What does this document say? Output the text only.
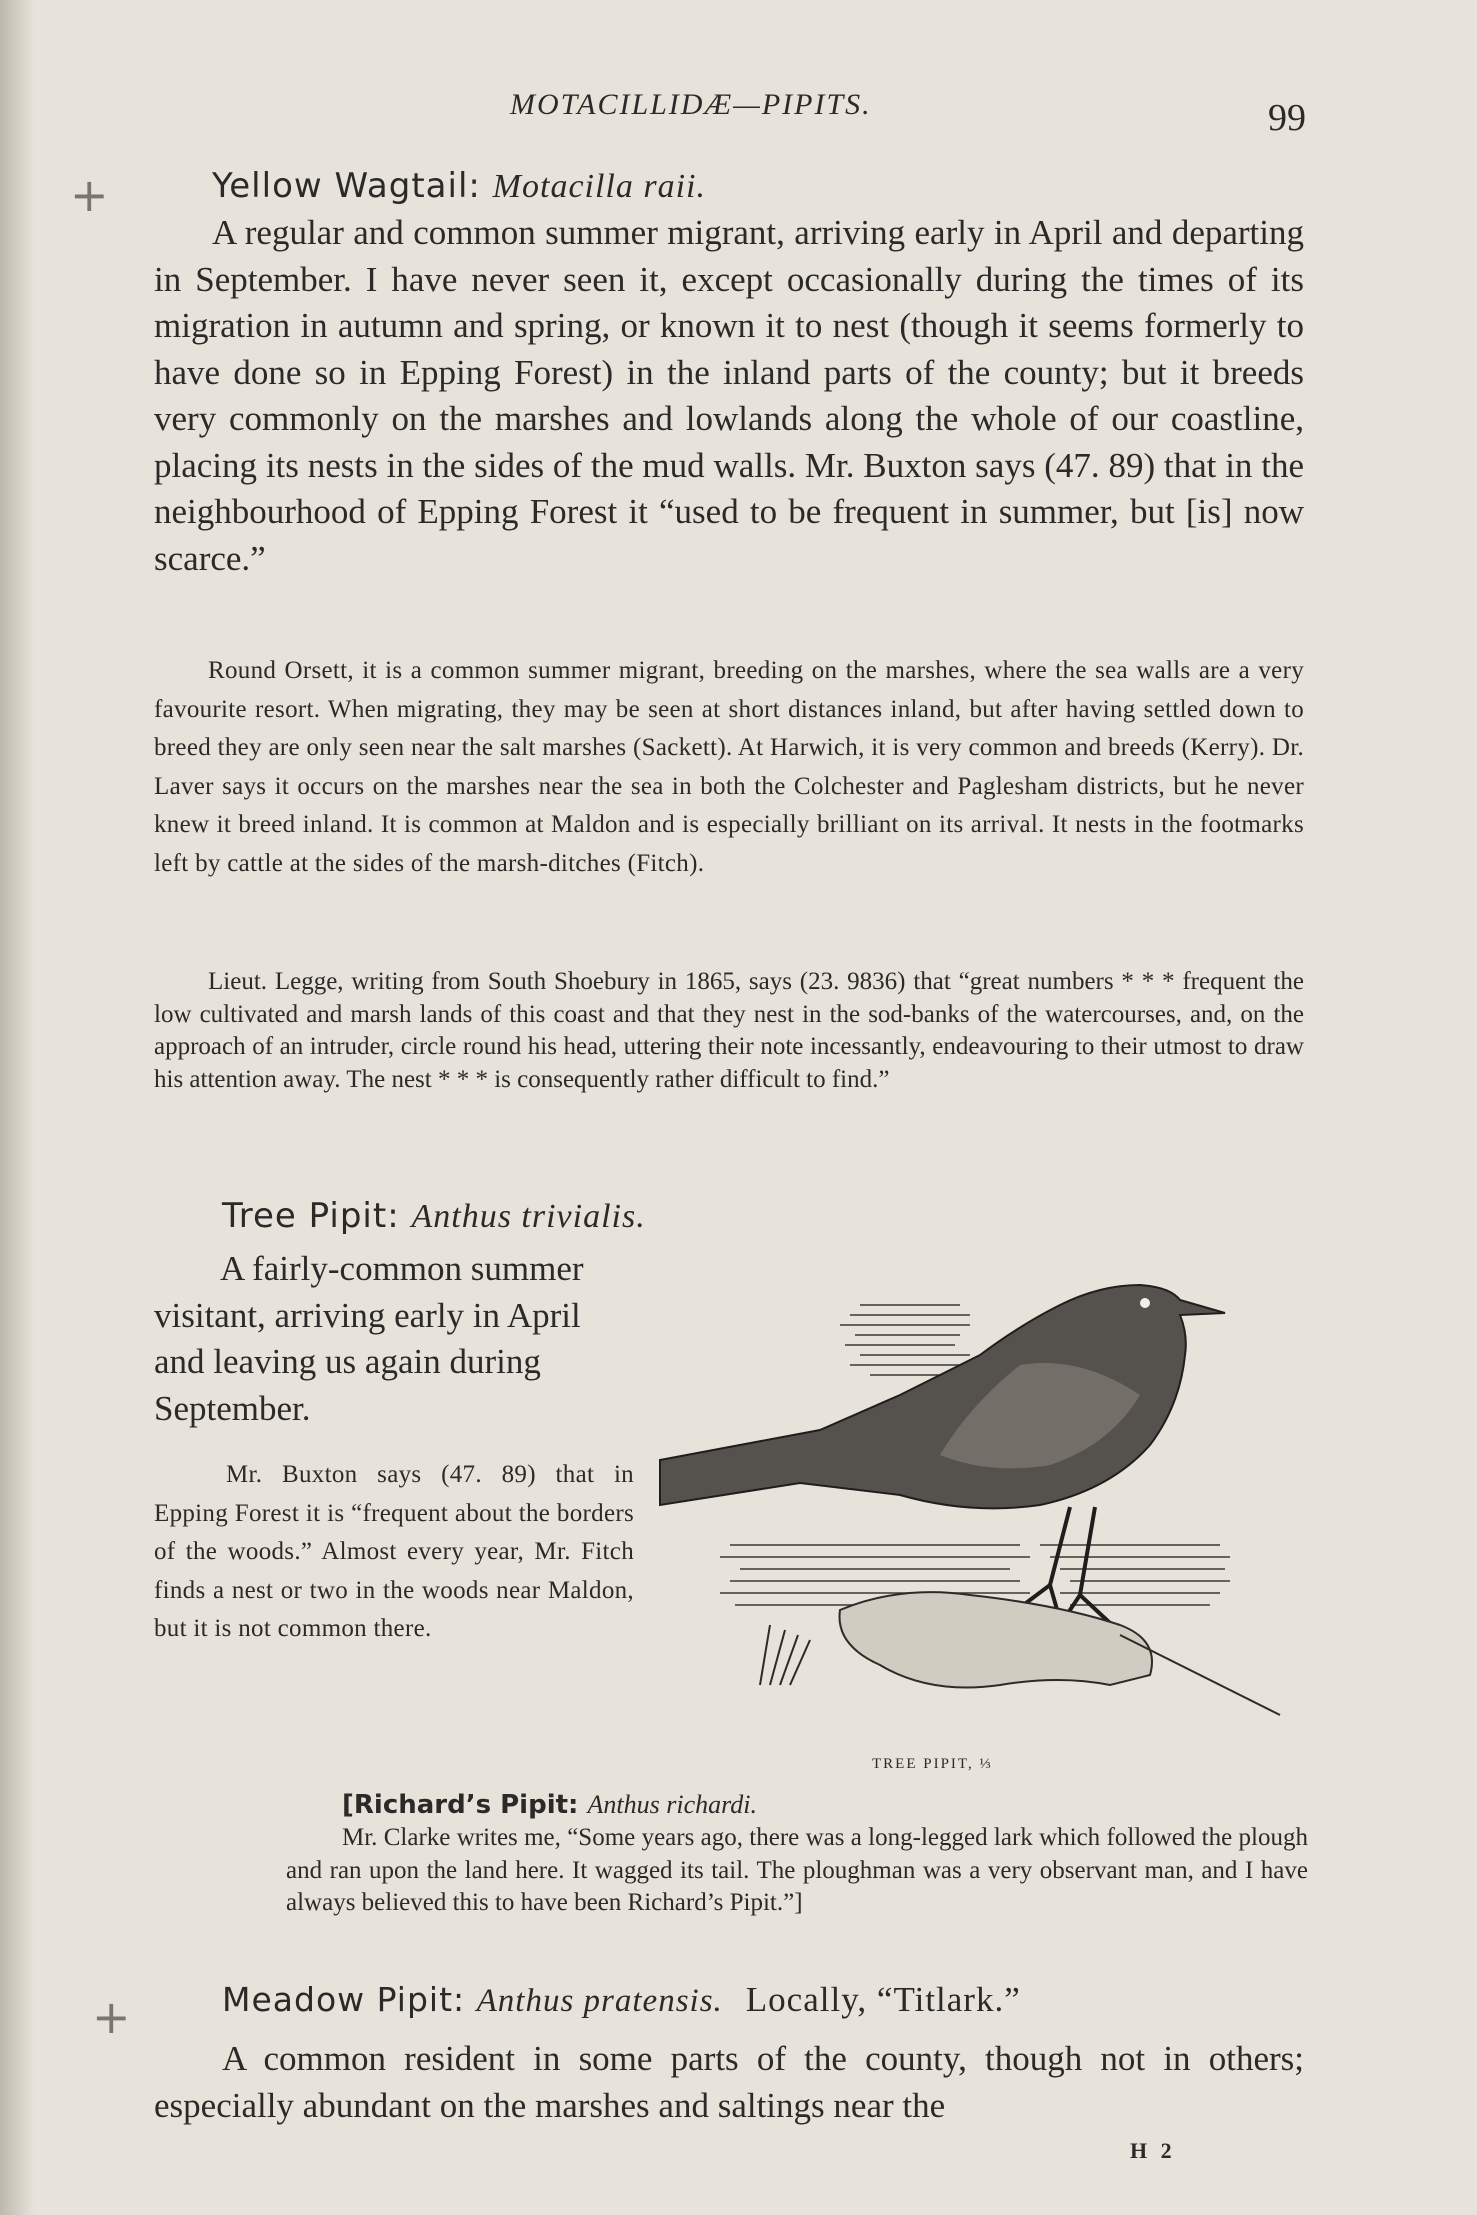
MOTACILLIDÆ—PIPITS.	99
+
+
Yellow Wagtail: Motacilla raii.

A regular and common summer migrant, arriving early in April and departing in September. I have never seen it, except occasionally during the times of its migration in autumn and spring, or known it to nest (though it seems formerly to have done so in Epping Forest) in the inland parts of the county; but it breeds very commonly on the marshes and lowlands along the whole of our coastline, placing its nests in the sides of the mud walls. Mr. Buxton says (47. 89) that in the neighbourhood of Epping Forest it “used to be frequent in summer, but [is] now scarce.”

Round Orsett, it is a common summer migrant, breeding on the marshes, where the sea walls are a very favourite resort. When migrating, they may be seen at short distances inland, but after having settled down to breed they are only seen near the salt marshes (Sackett). At Harwich, it is very common and breeds (Kerry). Dr. Laver says it occurs on the marshes near the sea in both the Colchester and Paglesham districts, but he never knew it breed inland. It is common at Maldon and is especially brilliant on its arrival. It nests in the footmarks left by cattle at the sides of the marsh-ditches (Fitch).

Lieut. Legge, writing from South Shoebury in 1865, says (23. 9836) that “great numbers * * * frequent the low cultivated and marsh lands of this coast and that they nest in the sod-banks of the watercourses, and, on the approach of an intruder, circle round his head, uttering their note incessantly, endeavouring to their utmost to draw his attention away. The nest * * * is consequently rather difficult to find.”

Tree Pipit: Anthus trivialis.

A fairly-common summer visitant, arriving early in April and leaving us again during September.

Mr. Buxton says (47. 89) that in Epping Forest it is “frequent about the borders of the woods.” Almost every year, Mr. Fitch finds a nest or two in the woods near Maldon, but it is not common there.

TREE PIPIT, ⅓
[Richard’s Pipit: Anthus richardi.

Mr. Clarke writes me, “Some years ago, there was a long-legged lark which followed the plough and ran upon the land here. It wagged its tail. The ploughman was a very observant man, and I have always believed this to have been Richard’s Pipit.”]

Meadow Pipit: Anthus pratensis. Locally, “Titlark.”

A common resident in some parts of the county, though not in others; especially abundant on the marshes and saltings near the

H 2
